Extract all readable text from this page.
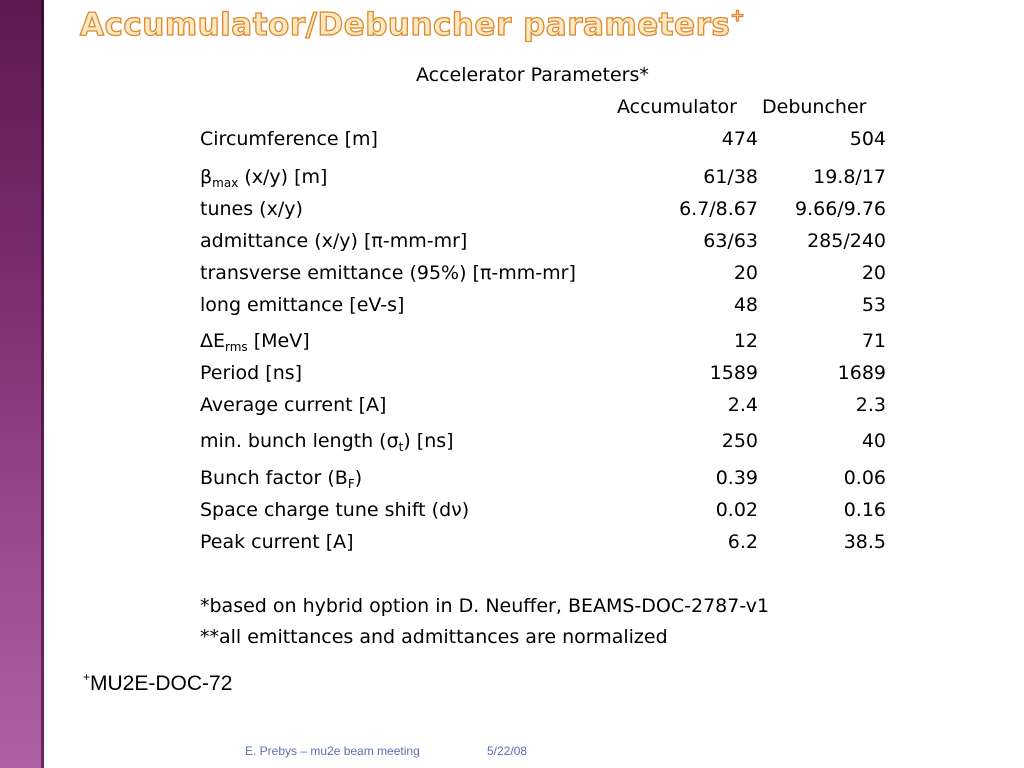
Accumulator/Debuncher parameters+
Accelerator Parameters*
Accumulator Debuncher
Circumference [m]	474	504
$\beta_{max}$ (x/y) [m]	61/38	19.8/17
tunes (x/y)	6.7/8.67 9.66/9.76
admittance (x/y) [π-mm-mr]	63/63	285/240
transverse emittance (95%) [π-mm-mr]	20	20
long emittance [eV-s]	48	53
$\Delta E_{rms}$ [MeV]	12	71
Period [ns]	1589	1689
Average current [A]	2.4	2.3
min. bunch length $(\sigma_t)$ [ns]	250	40
Bunch factor $(B_F)$	0.39	0.06
Space charge tune shift (dν)	0.02	0.16
Peak current [A]	6.2	38.5
*based on hybrid option in D. Neuffer, BEAMS-DOC-2787-v1
**all emittances and admittances are normalized
+MU2E-DOC-72
E. Prebys – mu2e beam meeting	5/22/08
